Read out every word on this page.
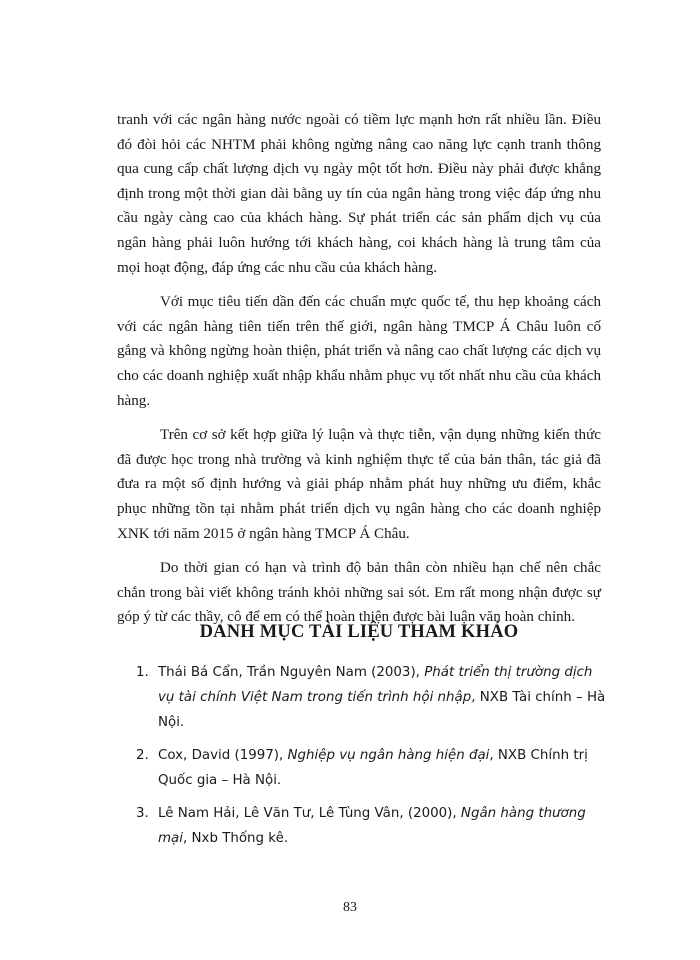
tranh với các ngân hàng nước ngoài có tiềm lực mạnh hơn rất nhiều lần. Điều đó đòi hỏi các NHTM phải không ngừng nâng cao năng lực cạnh tranh thông qua cung cấp chất lượng dịch vụ ngày một tốt hơn. Điều này phải được khẳng định trong một thời gian dài bằng uy tín của ngân hàng trong việc đáp ứng nhu cầu ngày càng cao của khách hàng. Sự phát triển các sản phẩm dịch vụ của ngân hàng phải luôn hướng tới khách hàng, coi khách hàng là trung tâm của mọi hoạt động, đáp ứng các nhu cầu của khách hàng.

Với mục tiêu tiến dần đến các chuẩn mực quốc tế, thu hẹp khoảng cách với các ngân hàng tiên tiến trên thế giới, ngân hàng TMCP Á Châu luôn cố gắng và không ngừng hoàn thiện, phát triển và nâng cao chất lượng các dịch vụ cho các doanh nghiệp xuất nhập khẩu nhằm phục vụ tốt nhất nhu cầu của khách hàng.

Trên cơ sở kết hợp giữa lý luận và thực tiễn, vận dụng những kiến thức đã được học trong nhà trường và kinh nghiệm thực tế của bản thân, tác giả đã đưa ra một số định hướng và giải pháp nhằm phát huy những ưu điểm, khắc phục những tồn tại nhằm phát triển dịch vụ ngân hàng cho các doanh nghiệp XNK tới năm 2015 ở ngân hàng TMCP Á Châu.

Do thời gian có hạn và trình độ bản thân còn nhiều hạn chế nên chắc chắn trong bài viết không tránh khỏi những sai sót. Em rất mong nhận được sự góp ý từ các thầy, cô để em có thể hoàn thiện được bài luận văn hoàn chỉnh.

DANH MỤC TÀI LIỆU THAM KHẢO
1. Thái Bá Cẩn, Trần Nguyên Nam (2003), Phát triển thị trường dịch vụ tài chính Việt Nam trong tiến trình hội nhập, NXB Tài chính – Hà Nội.
2. Cox, David (1997), Nghiệp vụ ngân hàng hiện đại, NXB Chính trị Quốc gia – Hà Nội.
3. Lê Nam Hải, Lê Văn Tư, Lê Tùng Vân, (2000), Ngân hàng thương mại, Nxb Thống kê.
83
